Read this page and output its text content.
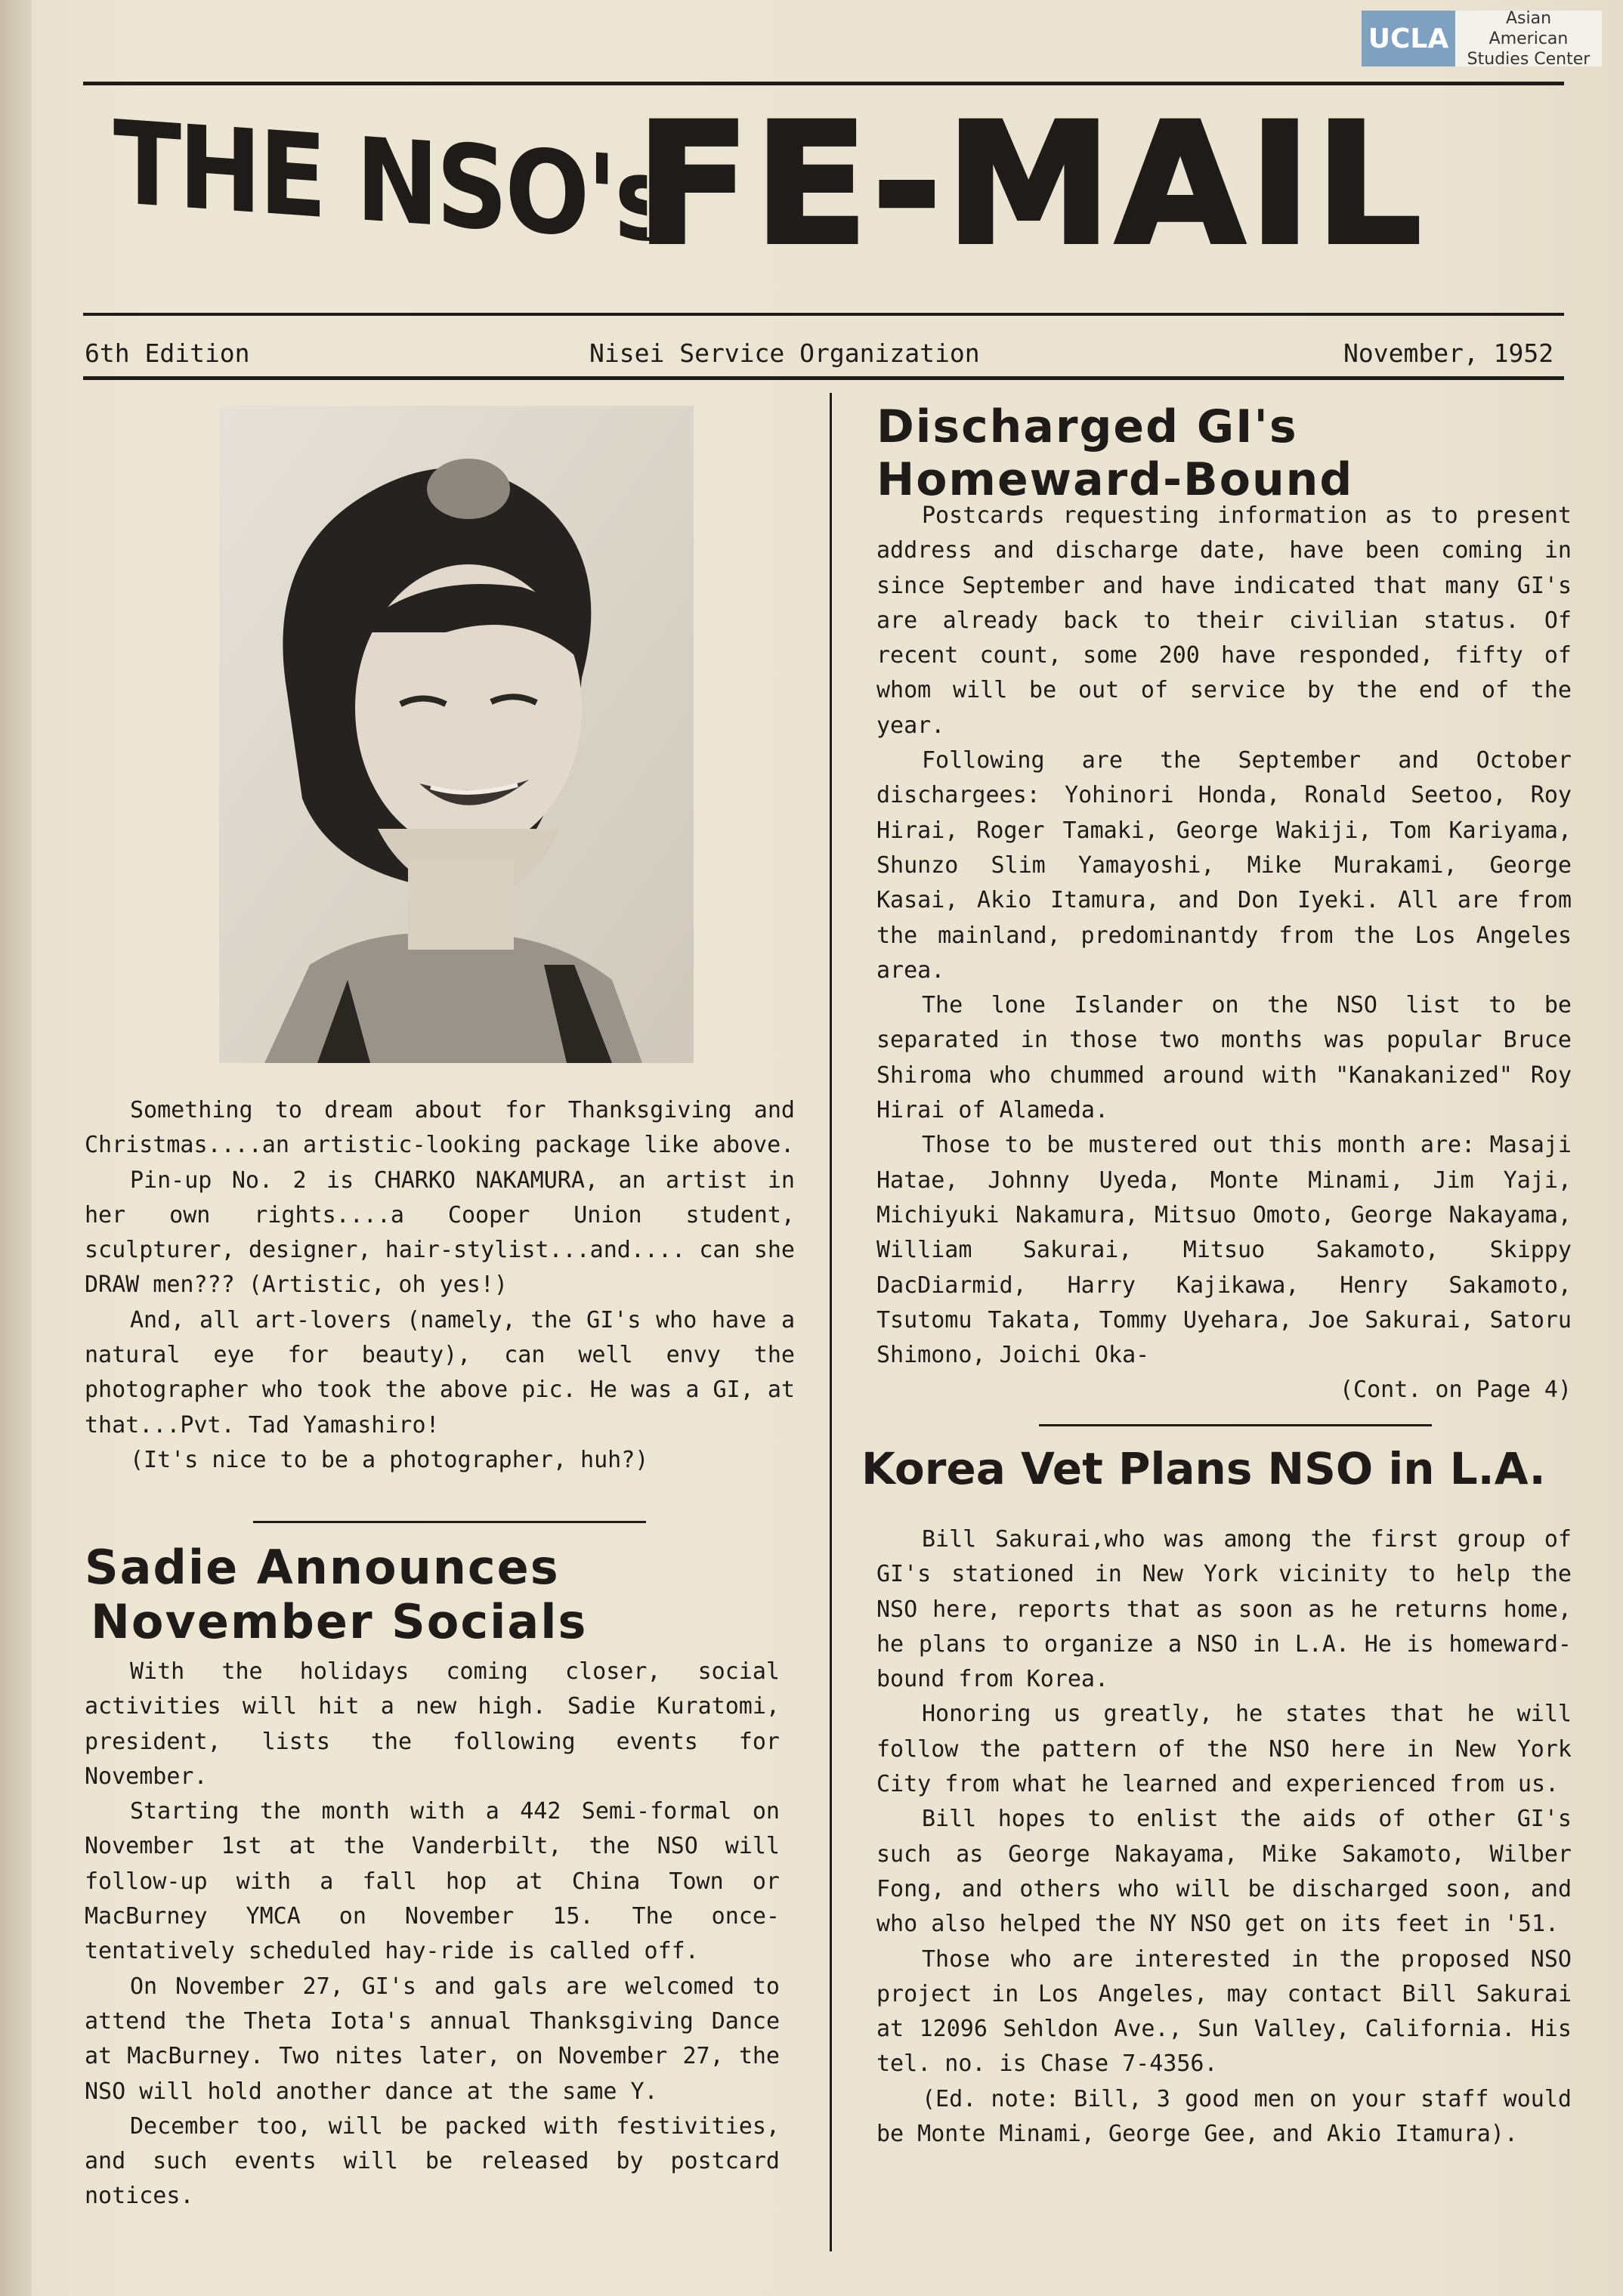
UCLA
Asian American Studies Center
THE NSO's
FE-MAIL
6th Edition	Nisei Service Organization	November, 1952

Something to dream about for Thanksgiving and Christmas....an artistic-looking package like above.

Pin-up No. 2 is CHARKO NAKAMURA, an artist in her own rights....a Cooper Union student, sculpturer, designer, hair-stylist...and.... can she DRAW men??? (Artistic, oh yes!)

And, all art-lovers (namely, the GI's who have a natural eye for beauty), can well envy the photographer who took the above pic. He was a GI, at that...Pvt. Tad Yamashiro!

(It's nice to be a photographer, huh?)

Sadie Announces
November Socials

With the holidays coming closer, social activities will hit a new high. Sadie Kuratomi, president, lists the following events for November.

Starting the month with a 442 Semi-formal on November 1st at the Vanderbilt, the NSO will follow-up with a fall hop at China Town or MacBurney YMCA on November 15. The once-tentatively scheduled hay-ride is called off.

On November 27, GI's and gals are welcomed to attend the Theta Iota's annual Thanksgiving Dance at MacBurney. Two nites later, on November 27, the NSO will hold another dance at the same Y.

December too, will be packed with festivities, and such events will be released by postcard notices.

Discharged GI's
Homeward-Bound

Postcards requesting information as to present address and discharge date, have been coming in since September and have indicated that many GI's are already back to their civilian status. Of recent count, some 200 have responded, fifty of whom will be out of service by the end of the year.

Following are the September and October dischargees: Yohinori Honda, Ronald Seetoo, Roy Hirai, Roger Tamaki, George Wakiji, Tom Kariyama, Shunzo Slim Yamayoshi, Mike Murakami, George Kasai, Akio Itamura, and Don Iyeki. All are from the mainland, predominantdy from the Los Angeles area.

The lone Islander on the NSO list to be separated in those two months was popular Bruce Shiroma who chummed around with "Kanakanized" Roy Hirai of Alameda.

Those to be mustered out this month are: Masaji Hatae, Johnny Uyeda, Monte Minami, Jim Yaji, Michiyuki Nakamura, Mitsuo Omoto, George Nakayama, William Sakurai, Mitsuo Sakamoto, Skippy DacDiarmid, Harry Kajikawa, Henry Sakamoto, Tsutomu Takata, Tommy Uyehara, Joe Sakurai, Satoru Shimono, Joichi Oka-

(Cont. on Page 4)

Korea Vet Plans NSO in L.A.

Bill Sakurai,who was among the first group of GI's stationed in New York vicinity to help the NSO here, reports that as soon as he returns home, he plans to organize a NSO in L.A. He is homeward-bound from Korea.

Honoring us greatly, he states that he will follow the pattern of the NSO here in New York City from what he learned and experienced from us.

Bill hopes to enlist the aids of other GI's such as George Nakayama, Mike Sakamoto, Wilber Fong, and others who will be discharged soon, and who also helped the NY NSO get on its feet in '51.

Those who are interested in the proposed NSO project in Los Angeles, may contact Bill Sakurai at 12096 Sehldon Ave., Sun Valley, California. His tel. no. is Chase 7-4356.

(Ed. note: Bill, 3 good men on your staff would be Monte Minami, George Gee, and Akio Itamura).
